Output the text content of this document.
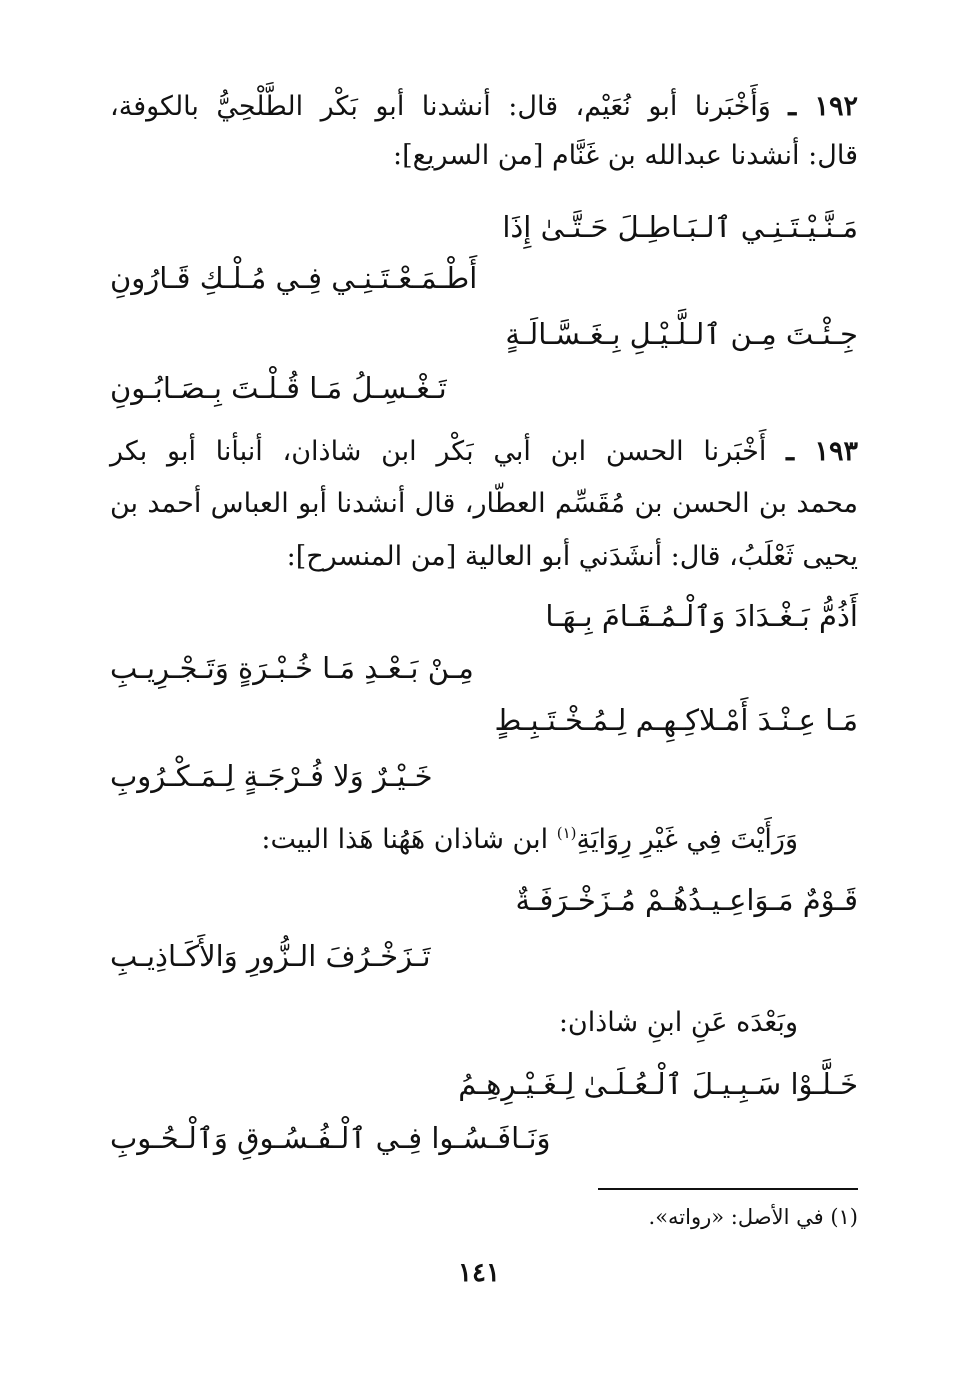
١٩٢ ـ وَأَخْبَرنا أبو نُعَيْم، قال: أنشدنا أبو بَكْر الطَّلْحِيُّ بالكوفة،
قال: أنشدنا عبدالله بن غَنَّام [من السريع]:
مَـنَّـيْـتَـنِـي ٱلـبَـاطِـلَ حَـتَّـىٰ إِذَا
أَطْـمَـعْـتَـنِـي فِـي مُـلْـكِ قَـارُونِ
جِـئْـتَ مِـن ٱلـلَّـيْـلِ بِـغَـسَّـالَـةٍ
تَـغْـسِـلُ مَـا قُـلْـتَ بِـصَـابُـونِ
١٩٣ ـ أَخْبَرنا الحسن ابن أبي بَكْر ابن شاذان، أنبأنا أبو بكر
محمد بن الحسن بن مُقَسِّم العطّار، قال أنشدنا أبو العباس أحمد بن
يحيى ثَعْلَبُ، قال: أنشَدَني أبو العالية [من المنسرح]:
أَذُمُّ بَـغْـدَادَ وَٱلْـمُـقَـامَ بِـهَـا
مِـنْ بَـعْـدِ مَـا خُـبْـرَةٍ وَتَـجْـرِيـبِ
مَـا عِـنْـدَ أَمْـلاكِـهِـم لِـمُـخْـتَـبِـطٍ
خَـيْـرٌ وَلا فُـرْجَـةٍ لِـمَـكْـرُوبِ
وَرَأَيْتَ فِي غَيْرِ رِوَايَةِ$^{(١)}$ ابن شاذان هَهُنا هَذا البيت:
قَـوْمٌ مَـوَاعِـيـدُهُـمْ مُـزَخْـرَفَـةٌ
تَـزَخْـرُفَ الـزُّورِ وَالأَكَـاذِيـبِ
وبَعْدَه عَنِ ابنِ شاذان:
خَـلَّـوْا سَـبِـيـلَ ٱلْـعُـلَـىٰ لِـغَـيْـرِهِـمُ
وَنَـافَـسُـوا فِـي ٱلْـفُـسُـوقِ وَٱلْـحُـوبِ
(١) في الأصل: «رواته».
١٤١
